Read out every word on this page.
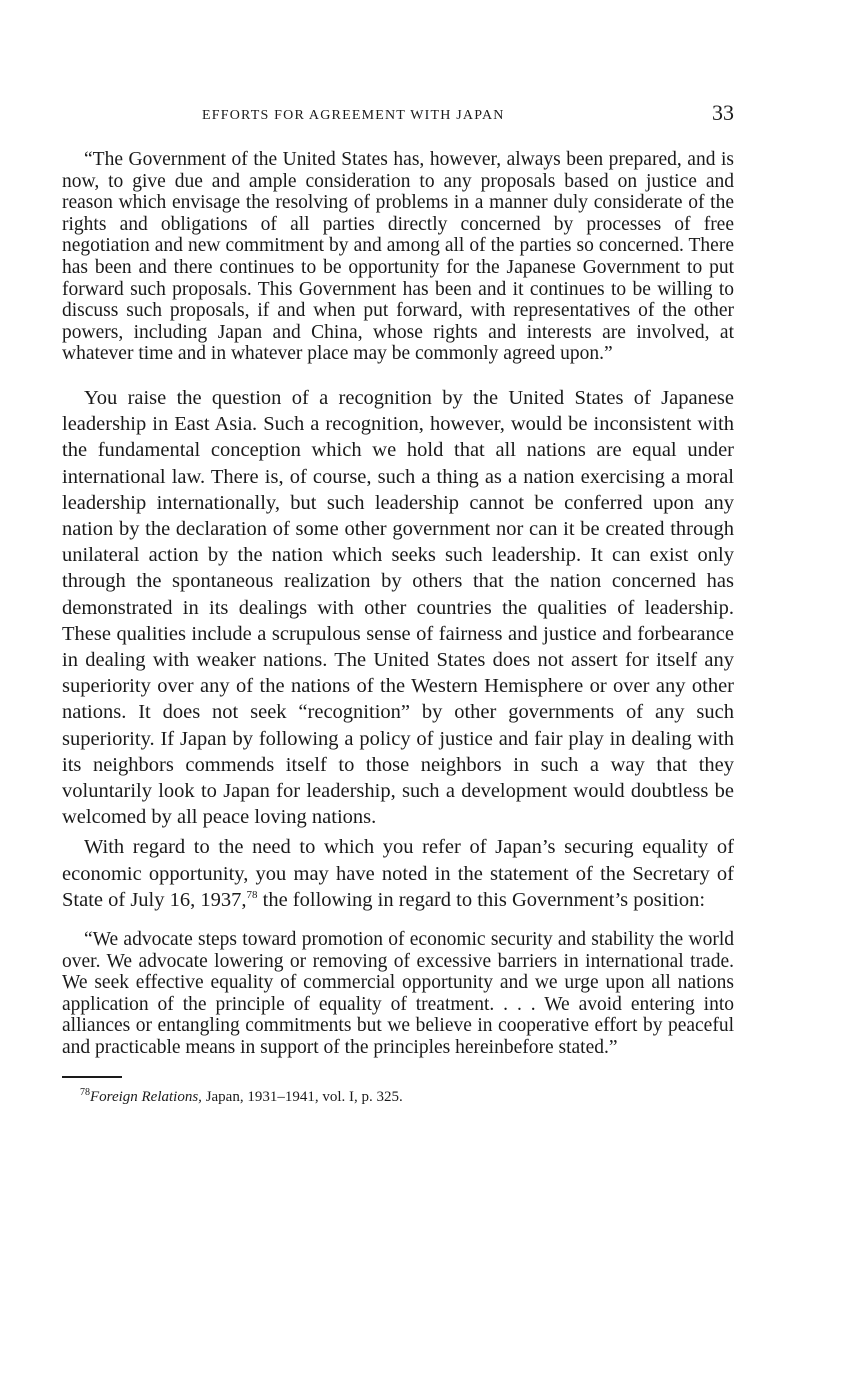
EFFORTS FOR AGREEMENT WITH JAPAN	33

“The Government of the United States has, however, always been prepared, and is now, to give due and ample consideration to any proposals based on justice and reason which envisage the resolving of problems in a manner duly considerate of the rights and obligations of all parties directly concerned by processes of free negotiation and new commitment by and among all of the parties so concerned. There has been and there continues to be opportunity for the Japanese Government to put forward such proposals. This Government has been and it continues to be willing to discuss such proposals, if and when put forward, with representatives of the other powers, including Japan and China, whose rights and interests are involved, at whatever time and in whatever place may be commonly agreed upon.”

You raise the question of a recognition by the United States of Japanese leadership in East Asia. Such a recognition, however, would be inconsistent with the fundamental conception which we hold that all nations are equal under international law. There is, of course, such a thing as a nation exercising a moral leadership internationally, but such leadership cannot be conferred upon any nation by the declaration of some other government nor can it be created through unilateral action by the nation which seeks such leadership. It can exist only through the spontaneous realization by others that the nation concerned has demonstrated in its dealings with other countries the qualities of leadership. These qualities include a scrupulous sense of fairness and justice and forbearance in dealing with weaker nations. The United States does not assert for itself any superiority over any of the nations of the Western Hemisphere or over any other nations. It does not seek “recognition” by other governments of any such superiority. If Japan by following a policy of justice and fair play in dealing with its neighbors commends itself to those neighbors in such a way that they voluntarily look to Japan for leadership, such a development would doubtless be welcomed by all peace loving nations.

With regard to the need to which you refer of Japan’s securing equality of economic opportunity, you may have noted in the statement of the Secretary of State of July 16, 1937,78 the following in regard to this Government’s position:

“We advocate steps toward promotion of economic security and stability the world over. We advocate lowering or removing of excessive barriers in international trade. We seek effective equality of commercial opportunity and we urge upon all nations application of the principle of equality of treatment. . . . We avoid entering into alliances or entangling commitments but we believe in cooperative effort by peaceful and practicable means in support of the principles hereinbefore stated.”

$^{78}$Foreign Relations, Japan, 1931–1941, vol. I, p. 325.
